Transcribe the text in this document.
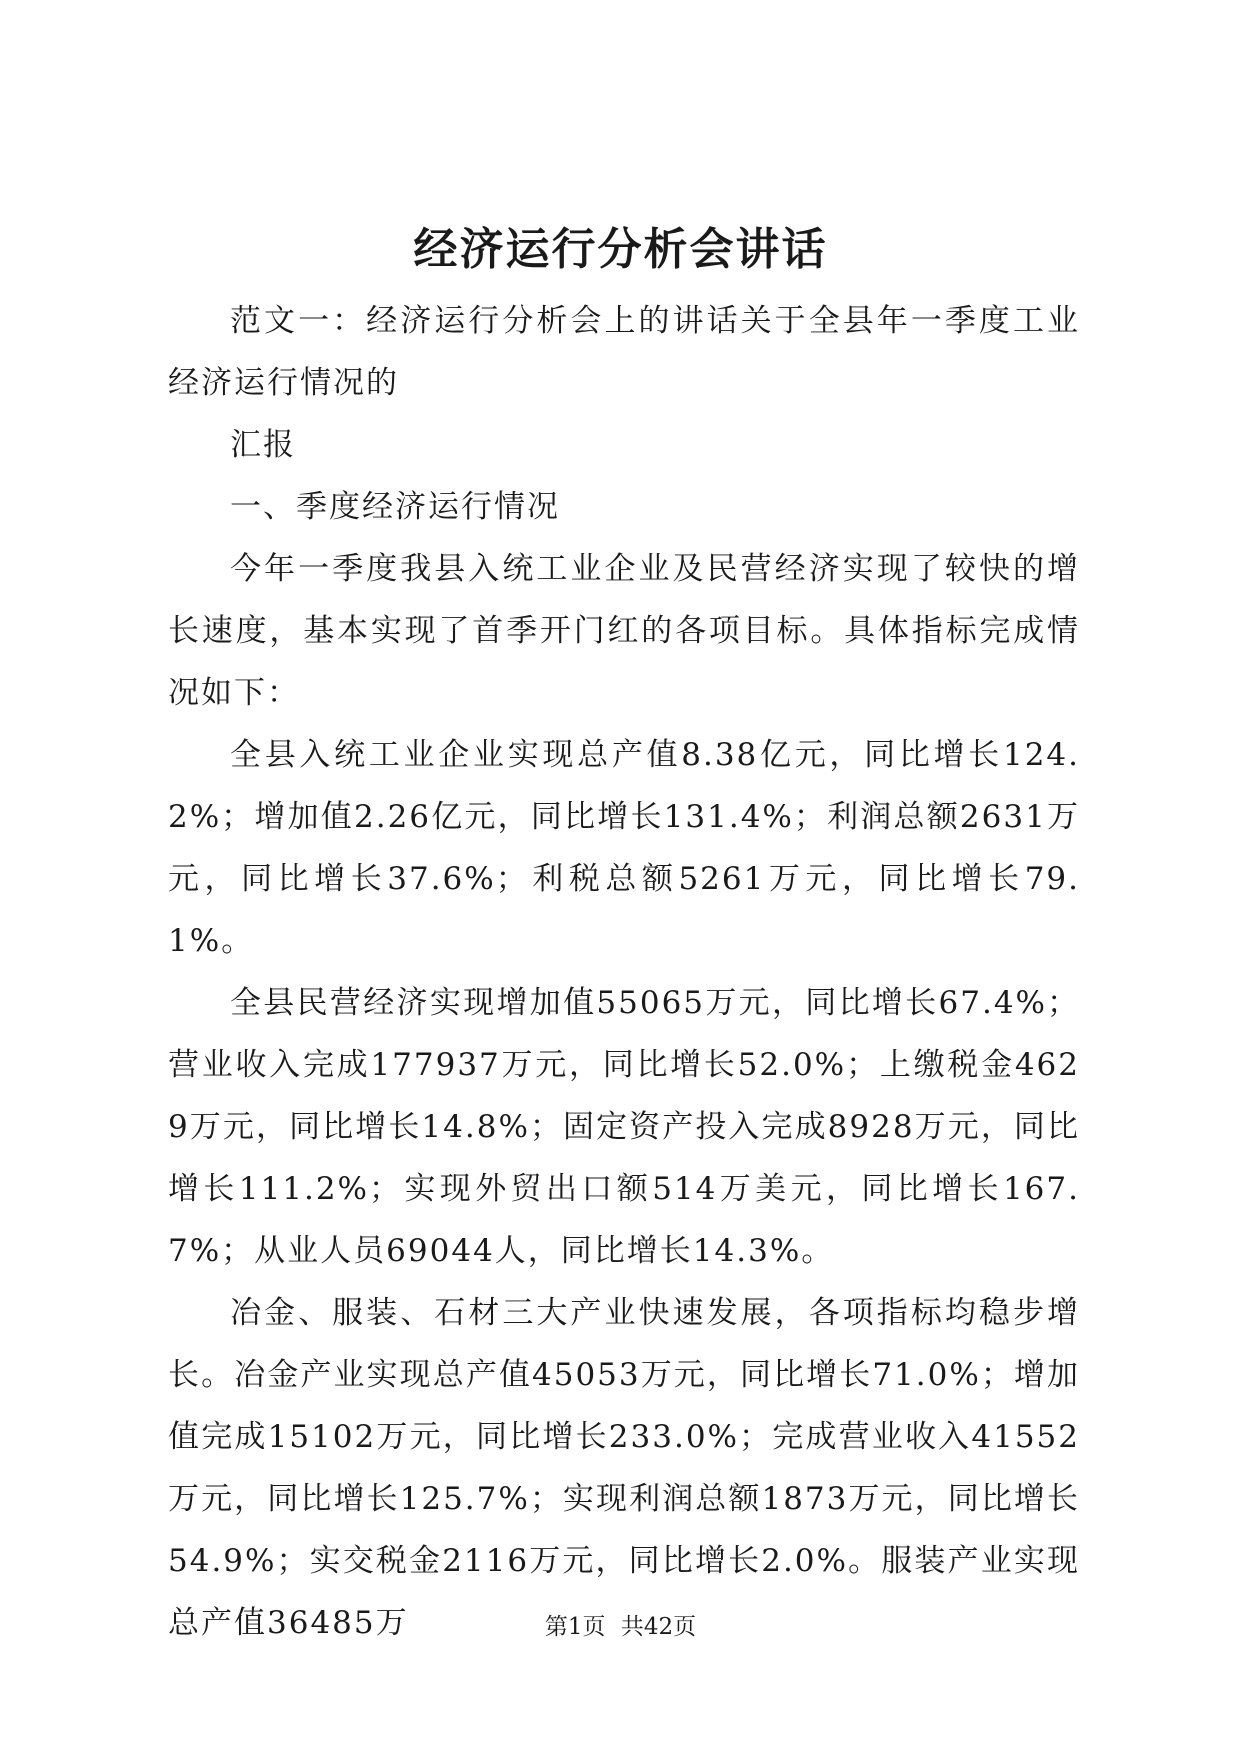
经济运行分析会讲话

范文一：经济运行分析会上的讲话关于全县年一季度工业经济运行情况的

汇报

一、季度经济运行情况

今年一季度我县入统工业企业及民营经济实现了较快的增长速度，基本实现了首季开门红的各项目标。具体指标完成情况如下：

全县入统工业企业实现总产值8.38亿元，同比增长124.2%；增加值2.26亿元，同比增长131.4%；利润总额2631万元，同比增长37.6%；利税总额5261万元，同比增长79.1%。

全县民营经济实现增加值55065万元，同比增长67.4%；营业收入完成177937万元，同比增长52.0%；上缴税金4629万元，同比增长14.8%；固定资产投入完成8928万元，同比增长111.2%；实现外贸出口额514万美元，同比增长167.7%；从业人员69044人，同比增长14.3%。

冶金、服装、石材三大产业快速发展，各项指标均稳步增长。冶金产业实现总产值45053万元，同比增长71.0%；增加值完成15102万元，同比增长233.0%；完成营业收入41552万元，同比增长125.7%；实现利润总额1873万元，同比增长54.9%；实交税金2116万元，同比增长2.0%。服装产业实现总产值36485万	第1页 共42页
